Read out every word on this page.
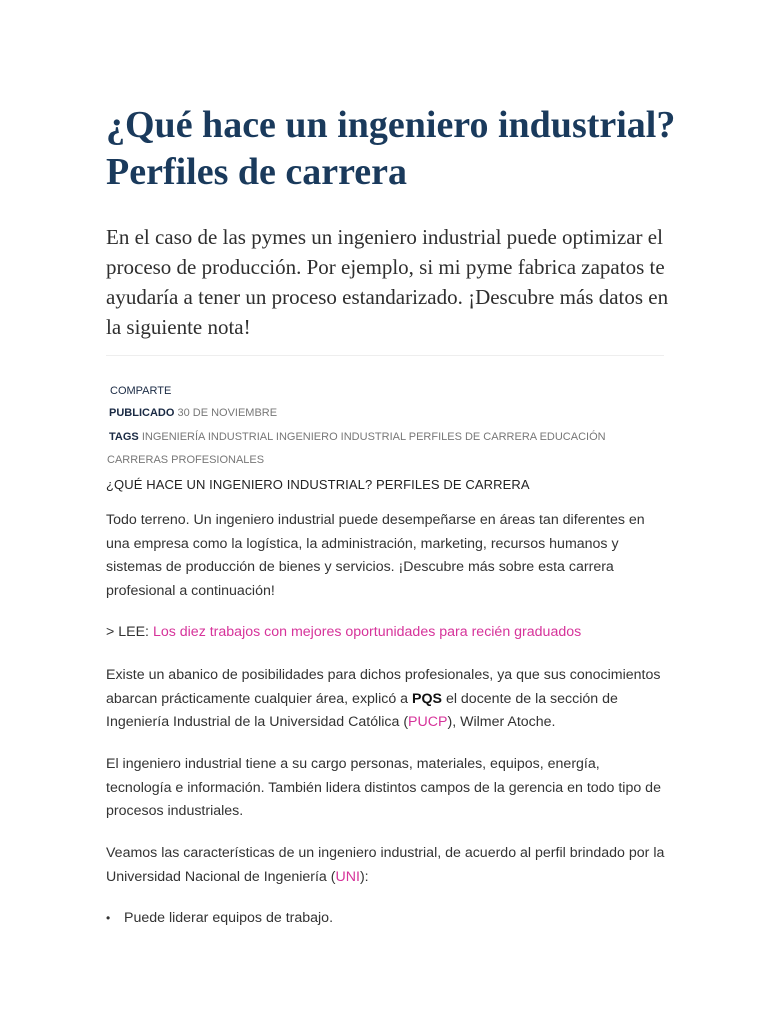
¿Qué hace un ingeniero industrial? Perfiles de carrera

En el caso de las pymes un ingeniero industrial puede optimizar el proceso de producción. Por ejemplo, si mi pyme fabrica zapatos te ayudaría a tener un proceso estandarizado. ¡Descubre más datos en la siguiente nota!

COMPARTE
PUBLICADO 30 DE NOVIEMBRE
TAGS INGENIERÍA INDUSTRIAL INGENIERO INDUSTRIAL PERFILES DE CARRERA EDUCACIÓN CARRERAS PROFESIONALES
¿QUÉ HACE UN INGENIERO INDUSTRIAL? PERFILES DE CARRERA

Todo terreno. Un ingeniero industrial puede desempeñarse en áreas tan diferentes en una empresa como la logística, la administración, marketing, recursos humanos y sistemas de producción de bienes y servicios. ¡Descubre más sobre esta carrera profesional a continuación!

> LEE: Los diez trabajos con mejores oportunidades para recién graduados

Existe un abanico de posibilidades para dichos profesionales, ya que sus conocimientos abarcan prácticamente cualquier área, explicó a PQS el docente de la sección de Ingeniería Industrial de la Universidad Católica (PUCP), Wilmer Atoche.

El ingeniero industrial tiene a su cargo personas, materiales, equipos, energía, tecnología e información. También lidera distintos campos de la gerencia en todo tipo de procesos industriales.

Veamos las características de un ingeniero industrial, de acuerdo al perfil brindado por la Universidad Nacional de Ingeniería (UNI):

• Puede liderar equipos de trabajo.
